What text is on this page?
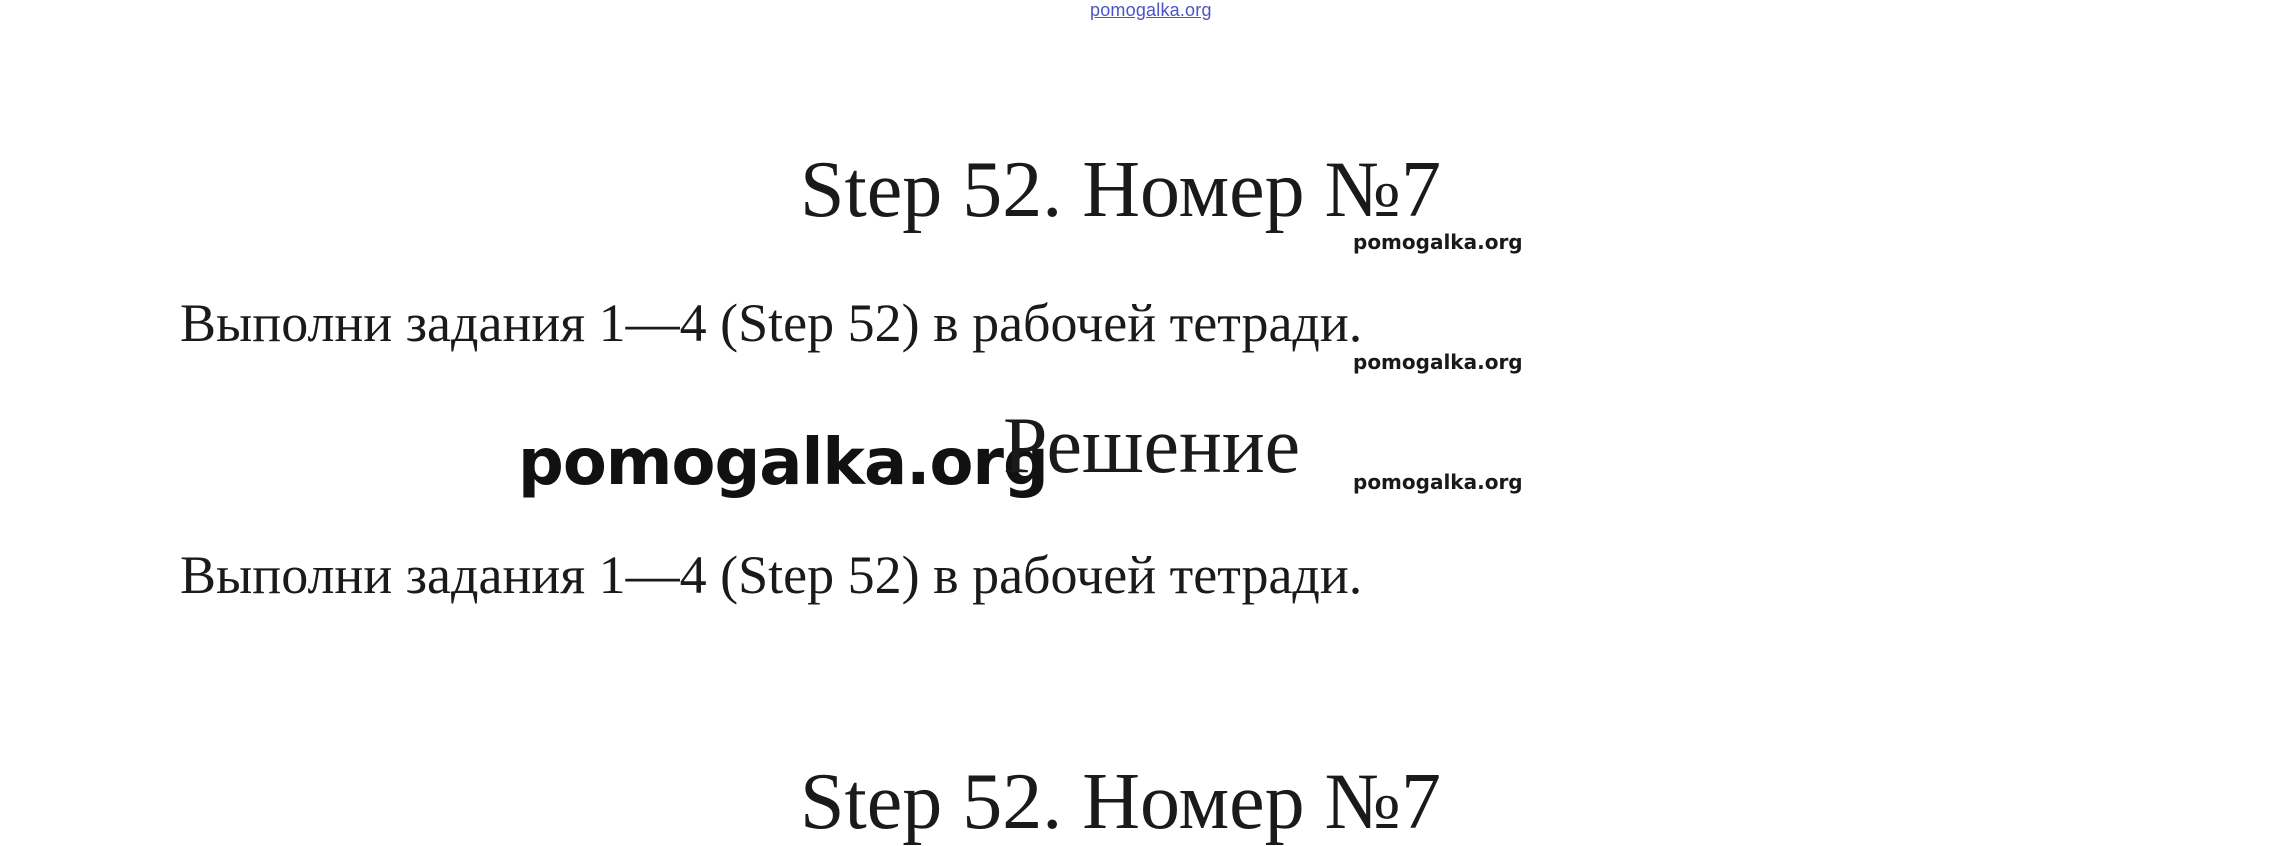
pomogalka.org
Step 52. Номер №7
pomogalka.org
Выполни задания 1—4 (Step 52) в рабочей тетради.
pomogalka.org
pomogalka.org
Решение	pomogalka.org
Выполни задания 1—4 (Step 52) в рабочей тетради.
Step 52. Номер №7
